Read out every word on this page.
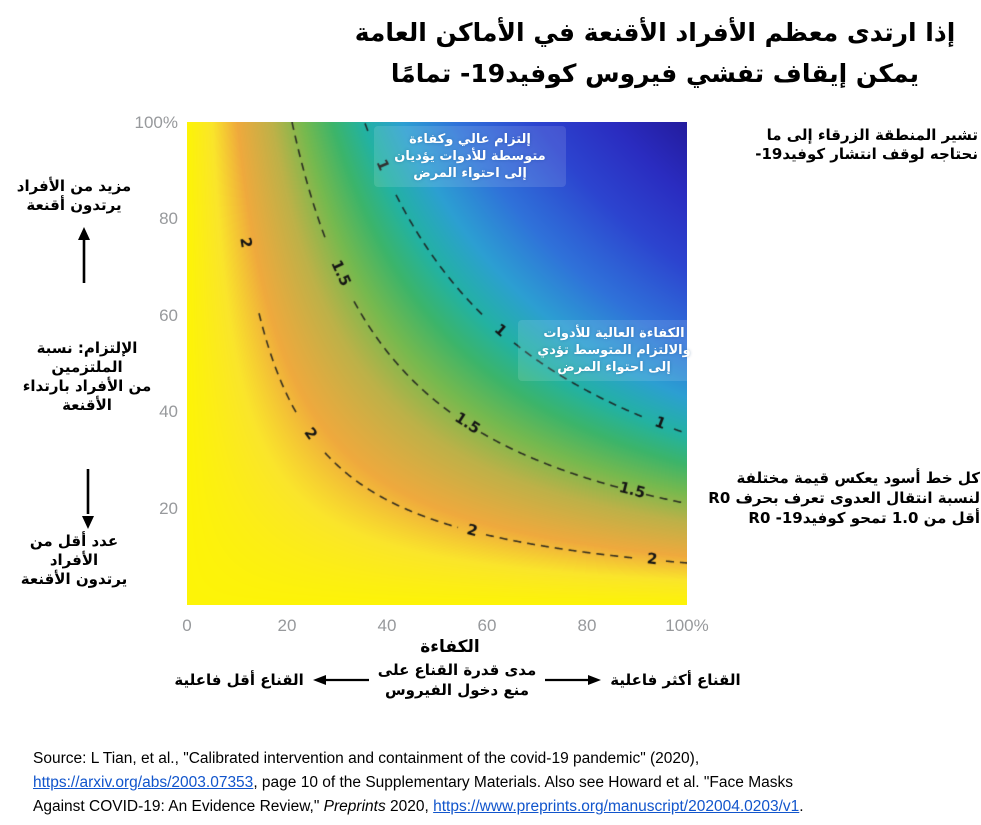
إذا ارتدى معظم الأفراد الأقنعة في الأماكن العامة
يمكن إيقاف تفشي فيروس كوفيد19- تمامًا
100%
80
60
40
20
0	20	40	60	80	100%
إلتزام عالي وكفاءة
متوسطة للأدوات يؤديان
إلى احتواء المرض
الكفاءة العالية للأدوات
والالتزام المتوسط تؤدي
إلى احتواء المرض
مزيد من الأفراد
يرتدون أقنعة
الإلتزام: نسبة الملتزمين
من الأفراد بارتداء الأقنعة
عدد أقل من الأفراد
يرتدون الأقنعة
تشير المنطقة الزرقاء إلى ما
نحتاجه لوقف انتشار كوفيد19-
كل خط أسود يعكس قيمة مختلفة
لنسبة انتقال العدوى تعرف بحرف R0
أقل من 1.0 تمحو كوفيد19- R0
الكفاءة
القناع أقل فاعلية
مدى قدرة القناع على
منع دخول الفيروس
القناع أكثر فاعلية
Source: L Tian, et al., "Calibrated intervention and containment of the covid-19 pandemic" (2020),
https://arxiv.org/abs/2003.07353, page 10 of the Supplementary Materials. Also see Howard et al. "Face Masks
Against COVID-19: An Evidence Review," Preprints 2020, https://www.preprints.org/manuscript/202004.0203/v1.
